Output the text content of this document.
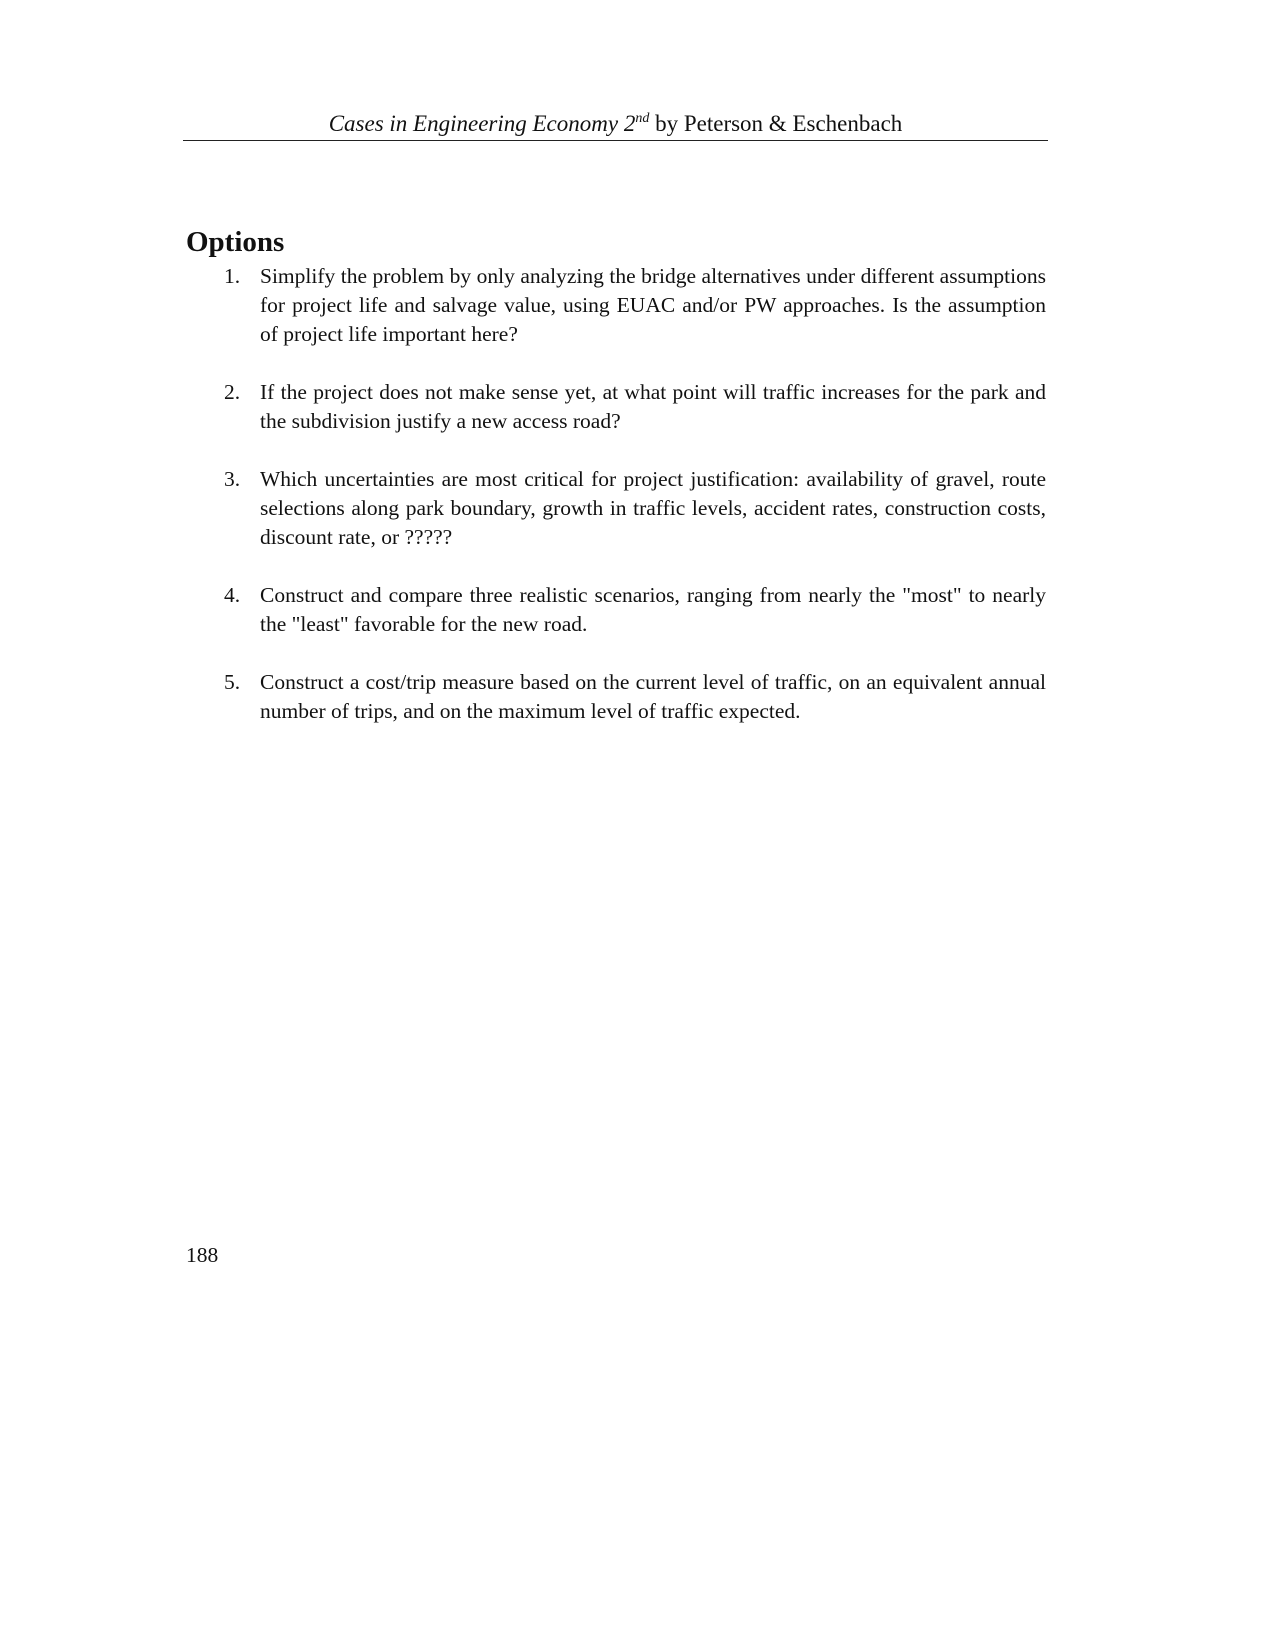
Cases in Engineering Economy 2nd by Peterson & Eschenbach
Options
1. Simplify the problem by only analyzing the bridge alternatives under different assumptions for project life and salvage value, using EUAC and/or PW approaches. Is the assumption of project life important here?
2. If the project does not make sense yet, at what point will traffic increases for the park and the subdivision justify a new access road?
3. Which uncertainties are most critical for project justification: availability of gravel, route selections along park boundary, growth in traffic levels, accident rates, construction costs, discount rate, or ?????
4. Construct and compare three realistic scenarios, ranging from nearly the "most" to nearly the "least" favorable for the new road.
5. Construct a cost/trip measure based on the current level of traffic, on an equivalent annual number of trips, and on the maximum level of traffic expected.
188
